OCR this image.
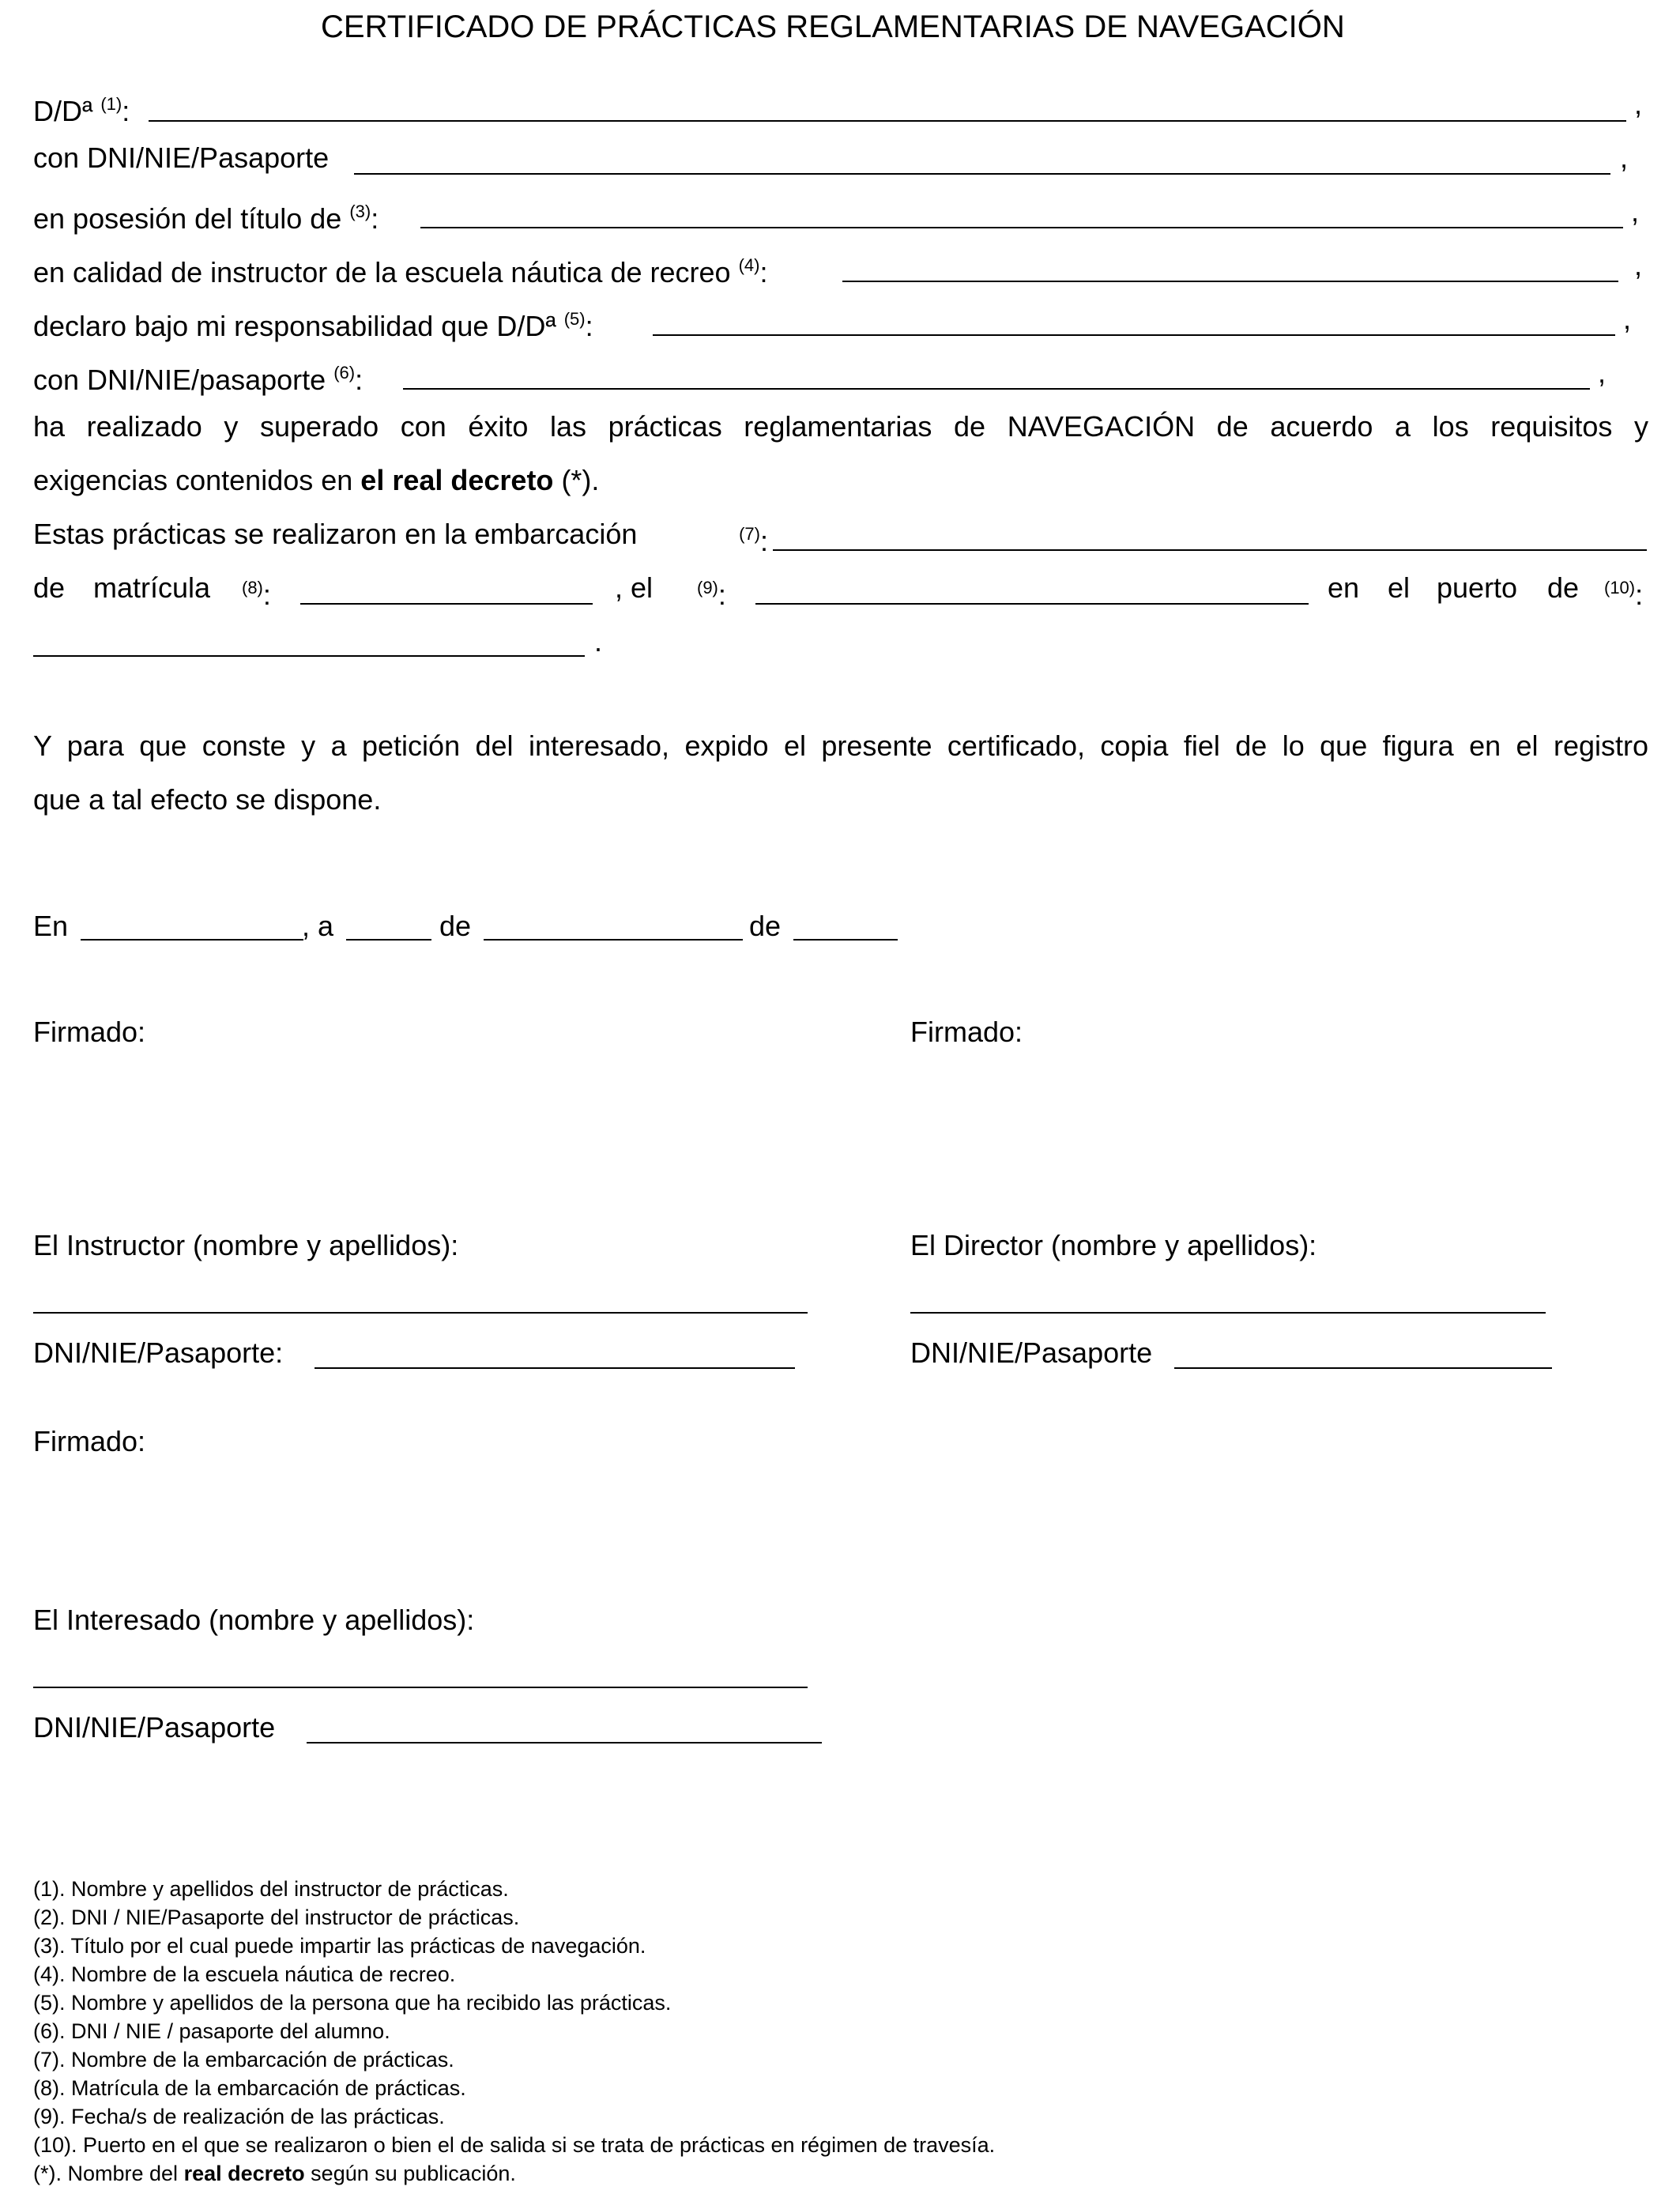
CERTIFICADO DE PRÁCTICAS REGLAMENTARIAS DE NAVEGACIÓN
D/Dª $^{(1)}$:	,
con DNI/NIE/Pasaporte	,
en posesión del título de $^{(3)}$:	,
en calidad de instructor de la escuela náutica de recreo $^{(4)}$:	,
declaro bajo mi responsabilidad que D/Dª $^{(5)}$:	,
con DNI/NIE/pasaporte $^{(6)}$:	,
ha realizado y superado con éxito las prácticas reglamentarias de NAVEGACIÓN de acuerdo a los requisitos y
exigencias contenidos en el real decreto (*).
Estas prácticas se realizaron en la embarcación	$^{(7)}$:
de matrícula $^{(8)}$:	, el	$^{(9)}$:	en el puerto de $^{(10)}$:
.
Y para que conste y a petición del interesado, expido el presente certificado, copia fiel de lo que figura en el registro
que a tal efecto se dispone.
En	, a	de	de
Firmado:	Firmado:
El Instructor (nombre y apellidos):	El Director (nombre y apellidos):
DNI/NIE/Pasaporte:	DNI/NIE/Pasaporte
Firmado:
El Interesado (nombre y apellidos):
DNI/NIE/Pasaporte
(1). Nombre y apellidos del instructor de prácticas.
(2). DNI / NIE/Pasaporte del instructor de prácticas.
(3). Título por el cual puede impartir las prácticas de navegación.
(4). Nombre de la escuela náutica de recreo.
(5). Nombre y apellidos de la persona que ha recibido las prácticas.
(6). DNI / NIE / pasaporte del alumno.
(7). Nombre de la embarcación de prácticas.
(8). Matrícula de la embarcación de prácticas.
(9). Fecha/s de realización de las prácticas.
(10). Puerto en el que se realizaron o bien el de salida si se trata de prácticas en régimen de travesía.
(*). Nombre del real decreto según su publicación.
